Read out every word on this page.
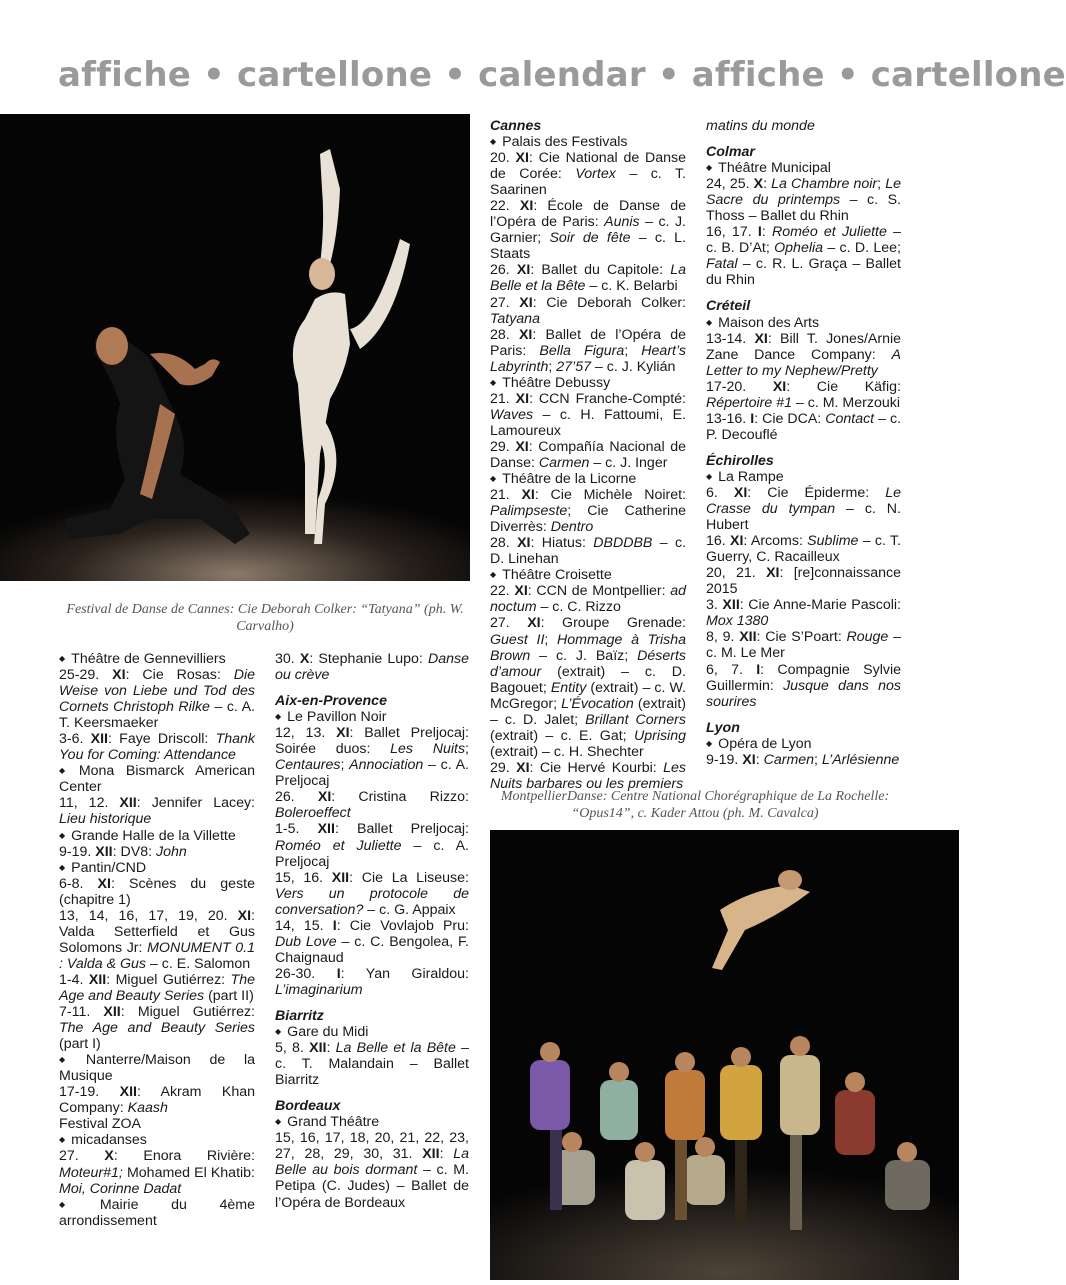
affiche • cartellone • calendar • affiche • cartellone
Festival de Danse de Cannes: Cie Deborah Colker: “Tatyana” (ph. W. Carvalho)
MontpellierDanse: Centre National Chorégraphique de La Rochelle: “Opus14”, c. Kader Attou (ph. M. Cavalca)
◆ Théâtre de Gennevilliers
25-29. XI: Cie Rosas: Die Weise von Liebe und Tod des Cornets Christoph Rilke – c. A. T. Keersmaeker
3-6. XII: Faye Driscoll: Thank You for Coming: Attendance
◆ Mona Bismarck American Center
11, 12. XII: Jennifer Lacey: Lieu historique
◆ Grande Halle de la Villette
9-19. XII: DV8: John
◆ Pantin/CND
6-8. XI: Scènes du geste (chapitre 1)
13, 14, 16, 17, 19, 20. XI: Valda Setterfield et Gus Solomons Jr: MONUMENT 0.1 : Valda & Gus – c. E. Salomon
1-4. XII: Miguel Gutiérrez: The Age and Beauty Series (part II)
7-11. XII: Miguel Gutiérrez: The Age and Beauty Series (part I)
◆ Nanterre/Maison de la Musique
17-19. XII: Akram Khan Company: Kaash
Festival ZOA
◆ micadanses
27. X: Enora Rivière: Moteur#1; Mohamed El Khatib: Moi, Corinne Dadat
◆ Mairie du 4ème arrondissement
30. X: Stephanie Lupo: Danse ou crève
Aix-en-Provence
◆ Le Pavillon Noir
12, 13. XI: Ballet Preljocaj: Soirée duos: Les Nuits; Centaures; Annociation – c. A. Preljocaj
26. XI: Cristina Rizzo: Boleroeffect
1-5. XII: Ballet Preljocaj: Roméo et Juliette – c. A. Preljocaj
15, 16. XII: Cie La Liseuse: Vers un protocole de conversation? – c. G. Appaix
14, 15. I: Cie Vovlajob Pru: Dub Love – c. C. Bengolea, F. Chaignaud
26-30. I: Yan Giraldou: L’imaginarium
Biarritz
◆ Gare du Midi
5, 8. XII: La Belle et la Bête – c. T. Malandain – Ballet Biarritz
Bordeaux
◆ Grand Théâtre
15, 16, 17, 18, 20, 21, 22, 23, 27, 28, 29, 30, 31. XII: La Belle au bois dormant – c. M. Petipa (C. Judes) – Ballet de l’Opéra de Bordeaux
Cannes
◆ Palais des Festivals
20. XI: Cie National de Danse de Corée: Vortex – c. T. Saarinen
22. XI: École de Danse de l’Opéra de Paris: Aunis – c. J. Garnier; Soir de fête – c. L. Staats
26. XI: Ballet du Capitole: La Belle et la Bête – c. K. Belarbi
27. XI: Cie Deborah Colker: Tatyana
28. XI: Ballet de l’Opéra de Paris: Bella Figura; Heart’s Labyrinth; 27’57 – c. J. Kylián
◆ Théâtre Debussy
21. XI: CCN Franche-Compté: Waves – c. H. Fattoumi, E. Lamoureux
29. XI: Compañía Nacional de Danse: Carmen – c. J. Inger
◆ Théâtre de la Licorne
21. XI: Cie Michèle Noiret: Palimpseste; Cie Catherine Diverrès: Dentro
28. XI: Hiatus: DBDDBB – c. D. Linehan
◆ Théâtre Croisette
22. XI: CCN de Montpellier: ad noctum – c. C. Rizzo
27. XI: Groupe Grenade: Guest II; Hommage à Trisha Brown – c. J. Baïz; Déserts d’amour (extrait) – c. D. Bagouet; Entity (extrait) – c. W. McGregor; L’Évocation (extrait) – c. D. Jalet; Brillant Corners (extrait) – c. E. Gat; Uprising (extrait) – c. H. Shechter
29. XI: Cie Hervé Kourbi: Les Nuits barbares ou les premiers
matins du monde
Colmar
◆ Théâtre Municipal
24, 25. X: La Chambre noir; Le Sacre du printemps – c. S. Thoss – Ballet du Rhin
16, 17. I: Roméo et Juliette – c. B. D’At; Ophelia – c. D. Lee; Fatal – c. R. L. Graça – Ballet du Rhin
Créteil
◆ Maison des Arts
13-14. XI: Bill T. Jones/Arnie Zane Dance Company: A Letter to my Nephew/Pretty
17-20. XI: Cie Käfig: Répertoire #1 – c. M. Merzouki
13-16. I: Cie DCA: Contact – c. P. Decouflé
Échirolles
◆ La Rampe
6. XI: Cie Épiderme: Le Crasse du tympan – c. N. Hubert
16. XI: Arcoms: Sublime – c. T. Guerry, C. Racailleux
20, 21. XI: [re]connaissance 2015
3. XII: Cie Anne-Marie Pascoli: Mox 1380
8, 9. XII: Cie S’Poart: Rouge – c. M. Le Mer
6, 7. I: Compagnie Sylvie Guillermin: Jusque dans nos sourires
Lyon
◆ Opéra de Lyon
9-19. XI: Carmen; L’Arlésienne
